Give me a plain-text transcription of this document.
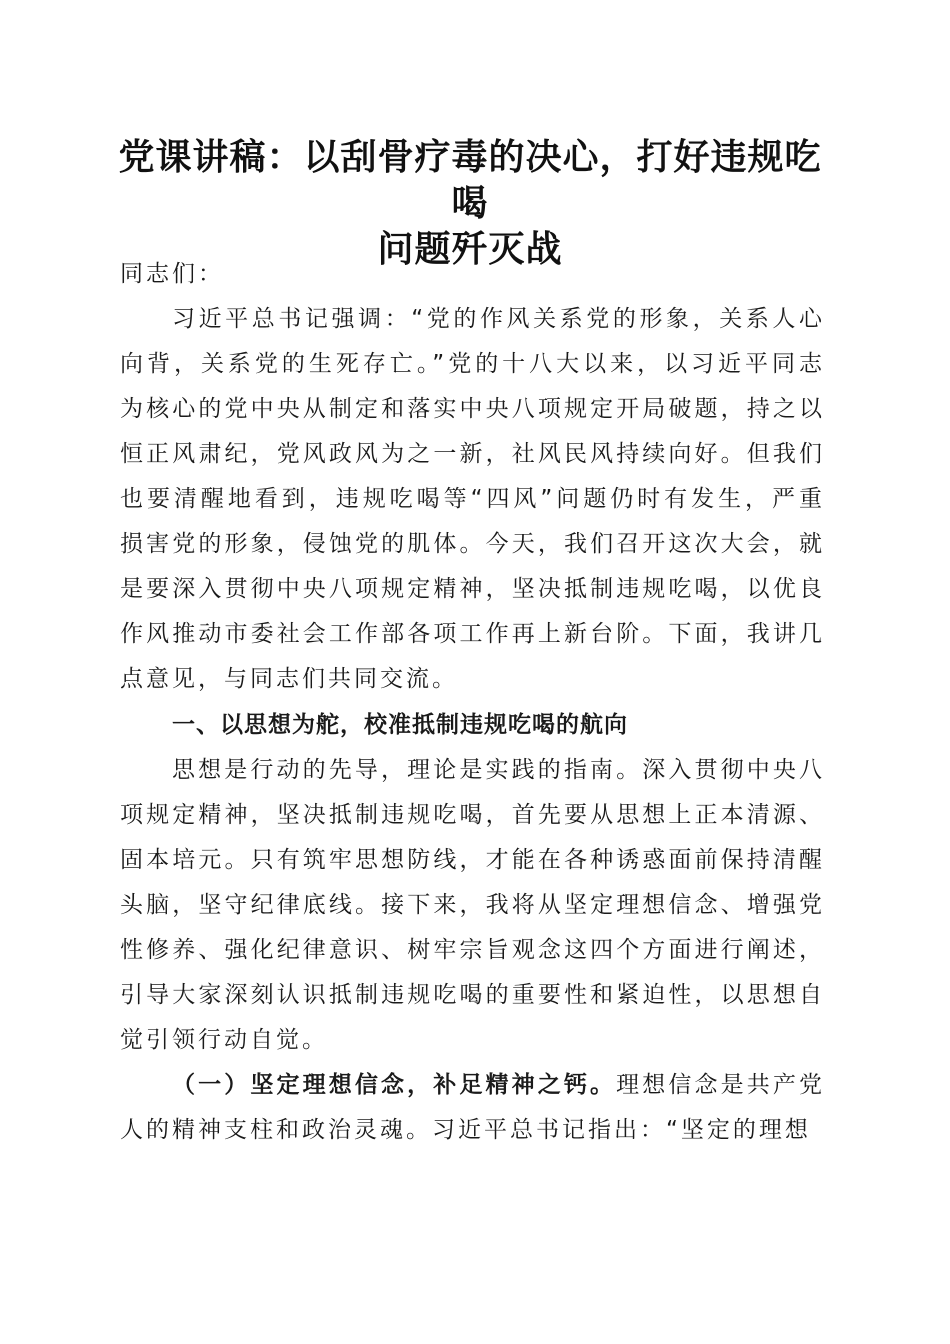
党课讲稿：以刮骨疗毒的决心，打好违规吃喝
问题歼灭战

同志们：

习近平总书记强调：“党的作风关系党的形象，关系人心向背，关系党的生死存亡。”党的十八大以来，以习近平同志为核心的党中央从制定和落实中央八项规定开局破题，持之以恒正风肃纪，党风政风为之一新，社风民风持续向好。但我们也要清醒地看到，违规吃喝等“四风”问题仍时有发生，严重损害党的形象，侵蚀党的肌体。今天，我们召开这次大会，就是要深入贯彻中央八项规定精神，坚决抵制违规吃喝，以优良作风推动市委社会工作部各项工作再上新台阶。下面，我讲几点意见，与同志们共同交流。

一、以思想为舵，校准抵制违规吃喝的航向

思想是行动的先导，理论是实践的指南。深入贯彻中央八项规定精神，坚决抵制违规吃喝，首先要从思想上正本清源、固本培元。只有筑牢思想防线，才能在各种诱惑面前保持清醒头脑，坚守纪律底线。接下来，我将从坚定理想信念、增强党性修养、强化纪律意识、树牢宗旨观念这四个方面进行阐述，引导大家深刻认识抵制违规吃喝的重要性和紧迫性，以思想自觉引领行动自觉。

（一）坚定理想信念，补足精神之钙。理想信念是共产党人的精神支柱和政治灵魂。习近平总书记指出：“坚定的理想
